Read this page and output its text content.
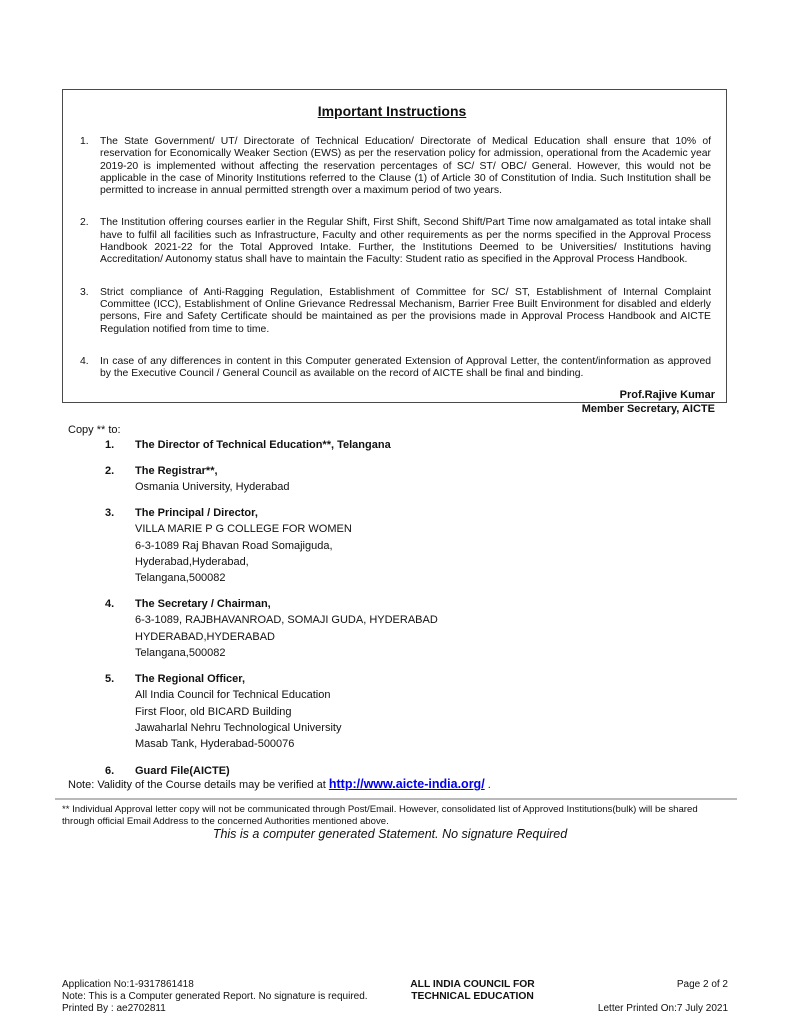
Important Instructions
1.	The State Government/ UT/ Directorate of Technical Education/ Directorate of Medical Education shall ensure that 10% of reservation for Economically Weaker Section (EWS) as per the reservation policy for admission, operational from the Academic year 2019-20 is implemented without affecting the reservation percentages of SC/ ST/ OBC/ General. However, this would not be applicable in the case of Minority Institutions referred to the Clause (1) of Article 30 of Constitution of India. Such Institution shall be permitted to increase in annual permitted strength over a maximum period of two years.
2.	The Institution offering courses earlier in the Regular Shift, First Shift, Second Shift/Part Time now amalgamated as total intake shall have to fulfil all facilities such as Infrastructure, Faculty and other requirements as per the norms specified in the Approval Process Handbook 2021-22 for the Total Approved Intake. Further, the Institutions Deemed to be Universities/ Institutions having Accreditation/ Autonomy status shall have to maintain the Faculty: Student ratio as specified in the Approval Process Handbook.
3.	Strict compliance of Anti-Ragging Regulation, Establishment of Committee for SC/ ST, Establishment of Internal Complaint Committee (ICC), Establishment of Online Grievance Redressal Mechanism, Barrier Free Built Environment for disabled and elderly persons, Fire and Safety Certificate should be maintained as per the provisions made in Approval Process Handbook and AICTE Regulation notified from time to time.
4.	In case of any differences in content in this Computer generated Extension of Approval Letter, the content/information as approved by the Executive Council / General Council as available on the record of AICTE shall be final and binding.
Prof.Rajive Kumar
Member Secretary, AICTE
Copy ** to:
1.	The Director of Technical Education**, Telangana
2.	The Registrar**,
Osmania University, Hyderabad
3.	The Principal / Director,
VILLA MARIE P G COLLEGE FOR WOMEN
6-3-1089 Raj Bhavan Road Somajiguda,
Hyderabad,Hyderabad,
Telangana,500082
4.	The Secretary / Chairman,
6-3-1089, RAJBHAVANROAD, SOMAJI GUDA, HYDERABAD
HYDERABAD,HYDERABAD
Telangana,500082
5.	The Regional Officer,
All India Council for Technical Education
First Floor, old BICARD Building
Jawaharlal Nehru Technological University
Masab Tank, Hyderabad-500076
6.	Guard File(AICTE)
Note: Validity of the Course details may be verified at http://www.aicte-india.org/ .
** Individual Approval letter copy will not be communicated through Post/Email. However, consolidated list of Approved Institutions(bulk) will be shared through official Email Address to the concerned Authorities mentioned above.
This is a computer generated Statement. No signature Required
Application No:1-9317861418
Note: This is a Computer generated Report. No signature is required.
Printed By : ae2702811
ALL INDIA COUNCIL FOR TECHNICAL EDUCATION
Page 2 of 2
Letter Printed On:7 July 2021
